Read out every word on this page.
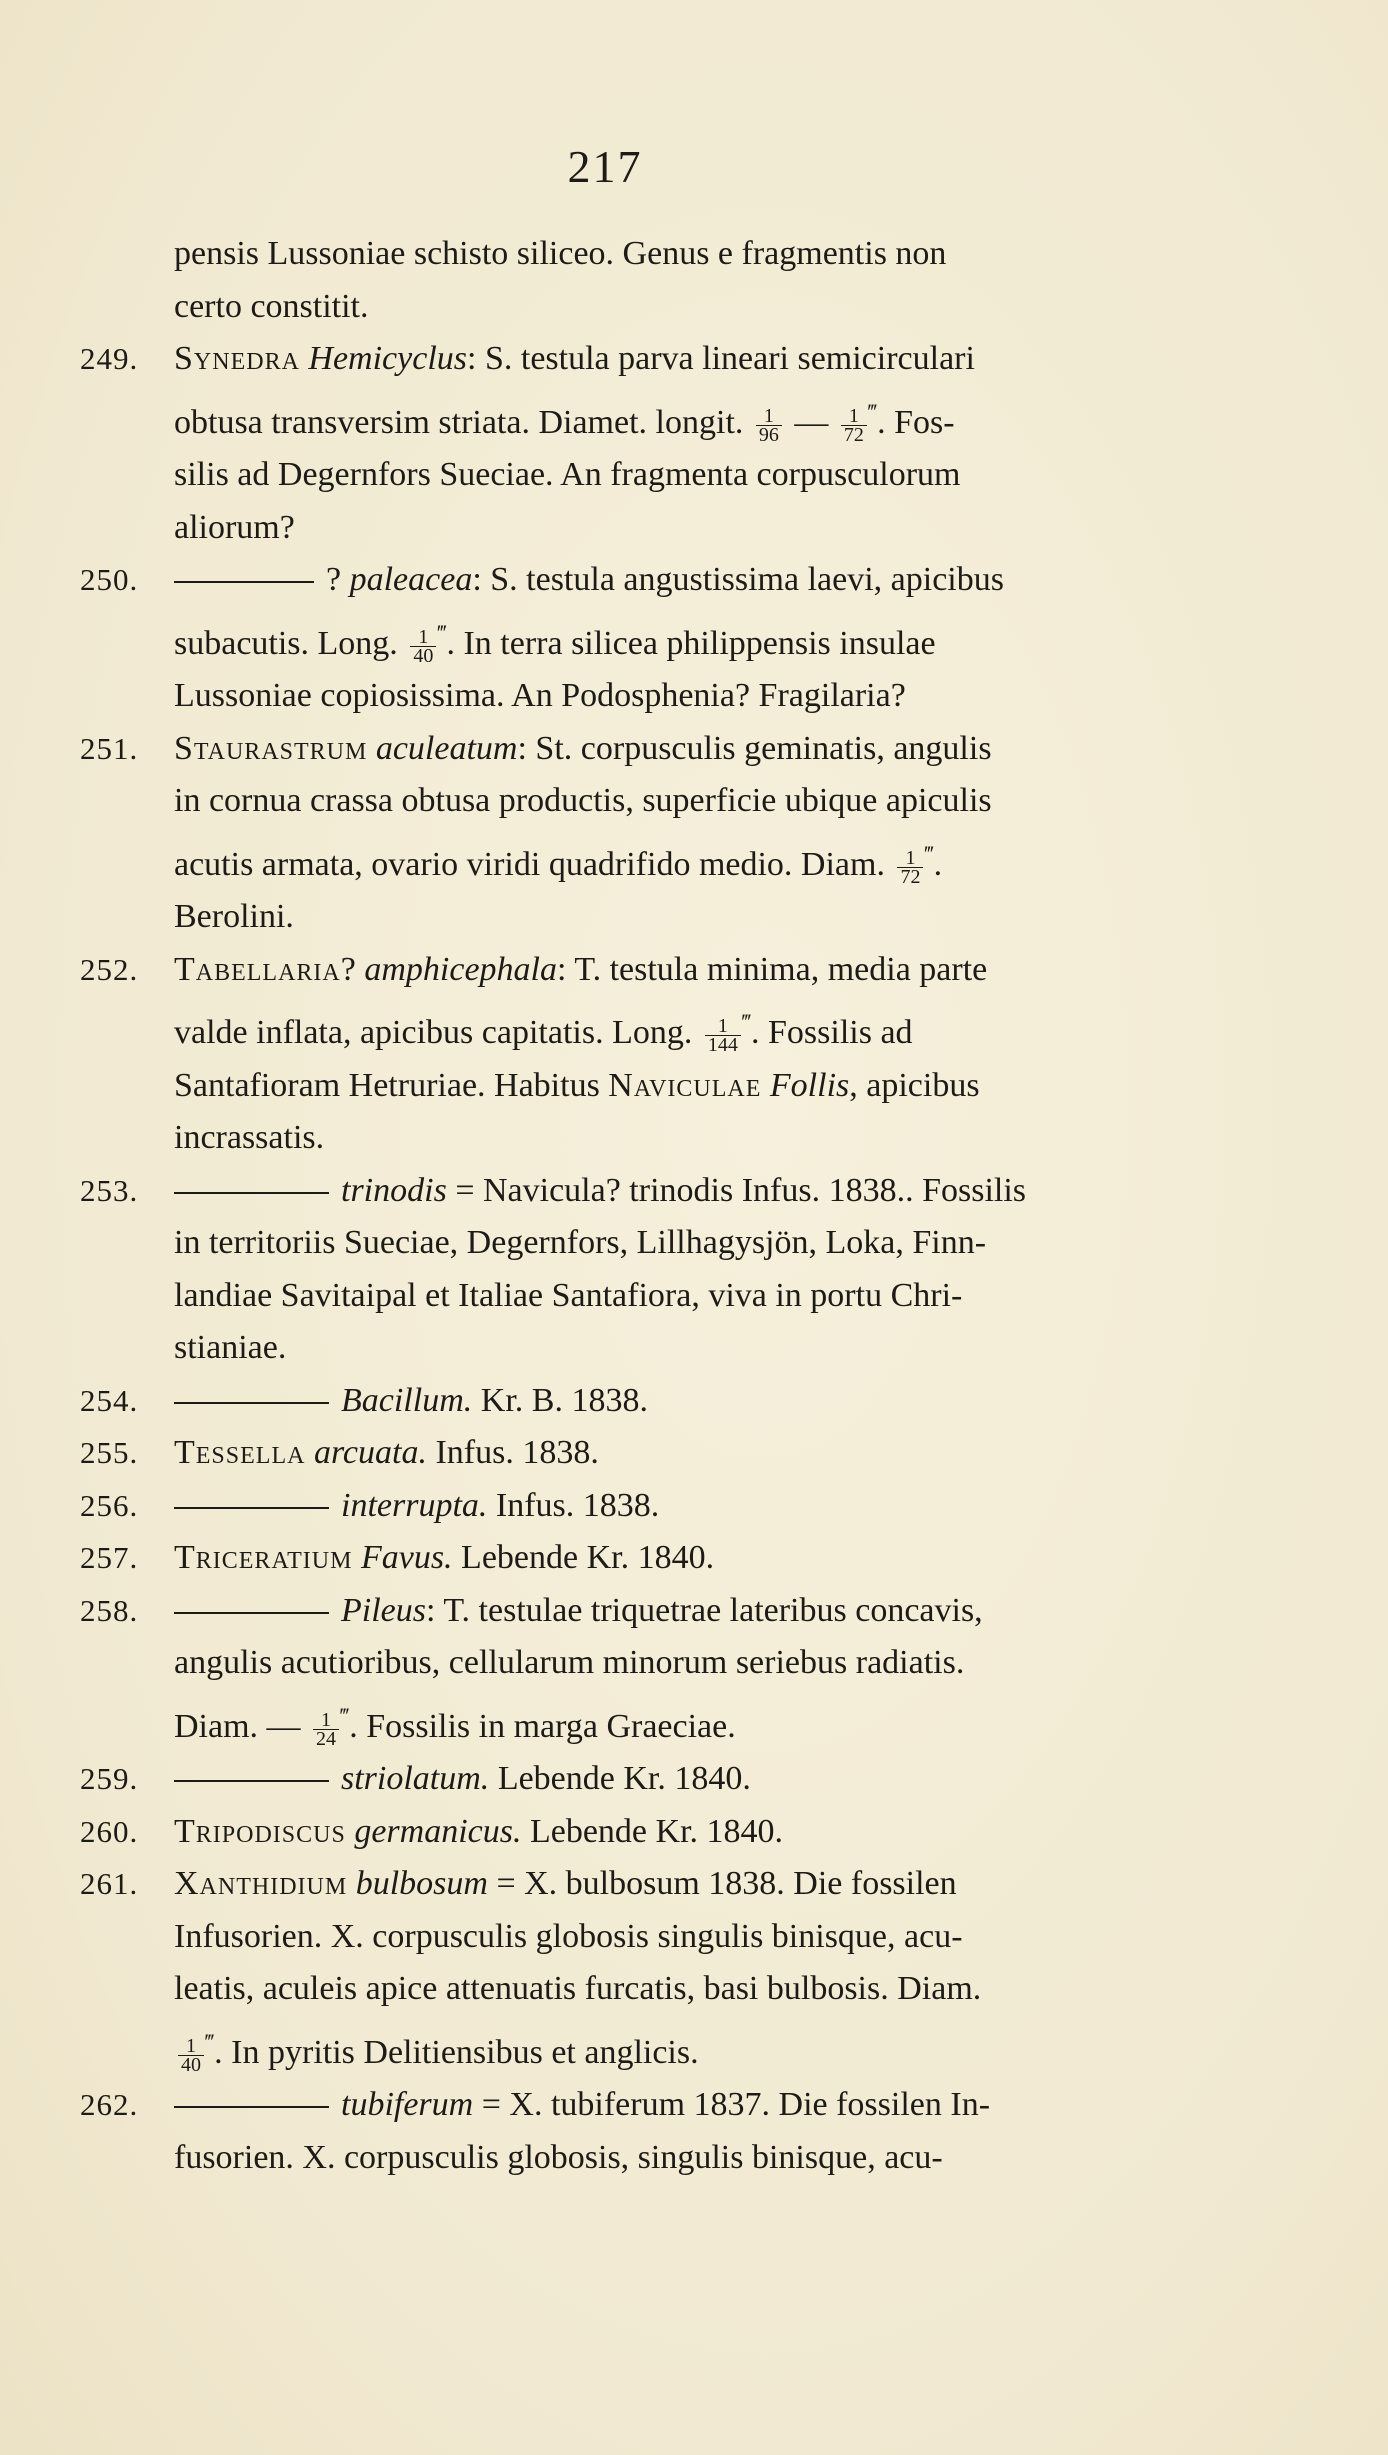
217
pensis Lussoniae schisto siliceo. Genus e fragmentis non
certo constitit.
249.	Synedra Hemicyclus: S. testula parva lineari semicirculari
obtusa transversim striata. Diamet. longit. $\frac{1}{96}$ — $\frac{1}{72} ^‴$. Fos-
silis ad Degernfors Sueciae. An fragmenta corpusculorum
aliorum?
250.	? paleacea: S. testula angustissima laevi, apicibus
subacutis. Long. $\frac{1}{40} ^‴$. In terra silicea philippensis insulae
Lussoniae copiosissima. An Podosphenia? Fragilaria?
251.	Staurastrum aculeatum: St. corpusculis geminatis, angulis
in cornua crassa obtusa productis, superficie ubique apiculis
acutis armata, ovario viridi quadrifido medio. Diam. $\frac{1}{72} ^‴$.
Berolini.
252.	Tabellaria? amphicephala: T. testula minima, media parte
valde inflata, apicibus capitatis. Long. $\frac{1}{144} ^‴$. Fossilis ad
Santafioram Hetruriae. Habitus Naviculae Follis, apicibus
incrassatis.
253.	trinodis = Navicula? trinodis Infus. 1838.. Fossilis
in territoriis Sueciae, Degernfors, Lillhagysjön, Loka, Finn-
landiae Savitaipal et Italiae Santafiora, viva in portu Chri-
stianiae.
254.	Bacillum. Kr. B. 1838.
255.	Tessella arcuata. Infus. 1838.
256.	interrupta. Infus. 1838.
257.	Triceratium Favus. Lebende Kr. 1840.
258.	Pileus: T. testulae triquetrae lateribus concavis,
angulis acutioribus, cellularum minorum seriebus radiatis.
Diam. — $\frac{1}{24} ^‴$. Fossilis in marga Graeciae.
259.	striolatum. Lebende Kr. 1840.
260.	Tripodiscus germanicus. Lebende Kr. 1840.
261.	Xanthidium bulbosum = X. bulbosum 1838. Die fossilen
Infusorien. X. corpusculis globosis singulis binisque, acu-
leatis, aculeis apice attenuatis furcatis, basi bulbosis. Diam.
$\frac{1}{40} ^‴$. In pyritis Delitiensibus et anglicis.
262.	tubiferum = X. tubiferum 1837. Die fossilen In-
fusorien. X. corpusculis globosis, singulis binisque, acu-
